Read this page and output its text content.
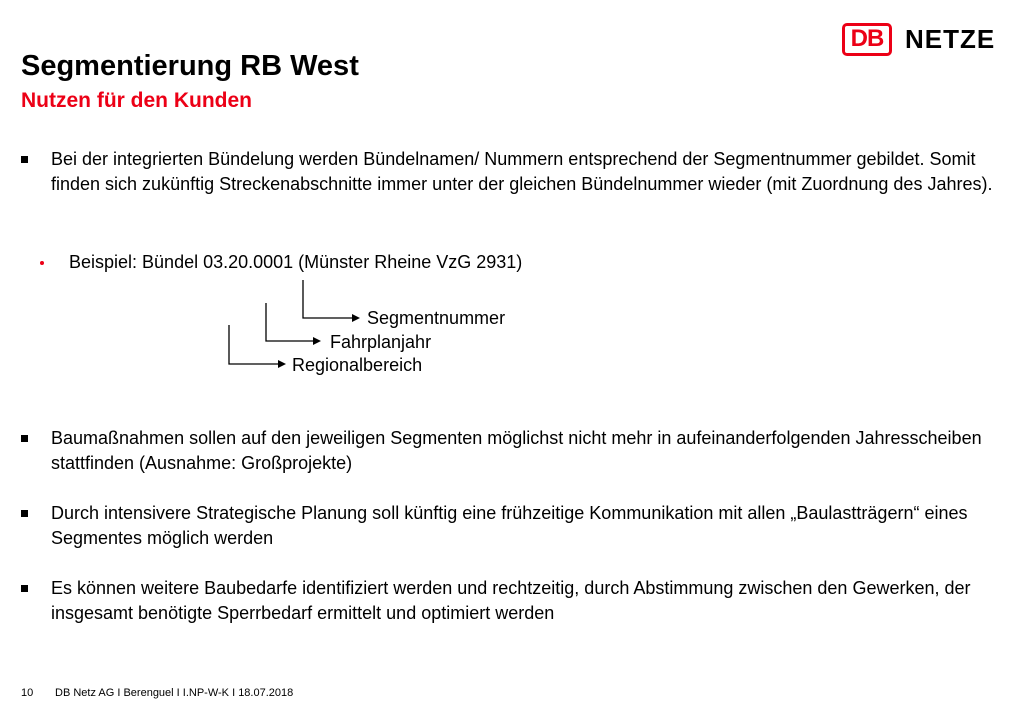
DB NETZE
Segmentierung RB West
Nutzen für den Kunden
Bei der integrierten Bündelung werden Bündelnamen/ Nummern entsprechend der Segmentnummer gebildet. Somit finden sich zukünftig Streckenabschnitte immer unter der gleichen Bündelnummer wieder (mit Zuordnung des Jahres).
Beispiel: Bündel 03.20.0001 (Münster Rheine VzG 2931)
Segmentnummer
Fahrplanjahr
Regionalbereich
Baumaßnahmen sollen auf den jeweiligen Segmenten möglichst nicht mehr in aufeinanderfolgenden Jahresscheiben stattfinden (Ausnahme: Großprojekte)
Durch intensivere Strategische Planung soll künftig eine frühzeitige Kommunikation mit allen „Baulastträgern“ eines Segmentes möglich werden
Es können weitere Baubedarfe identifiziert werden und rechtzeitig, durch Abstimmung zwischen den Gewerken, der insgesamt benötigte Sperrbedarf ermittelt und optimiert werden
10 DB Netz AG I Berenguel I I.NP-W-K I 18.07.2018
